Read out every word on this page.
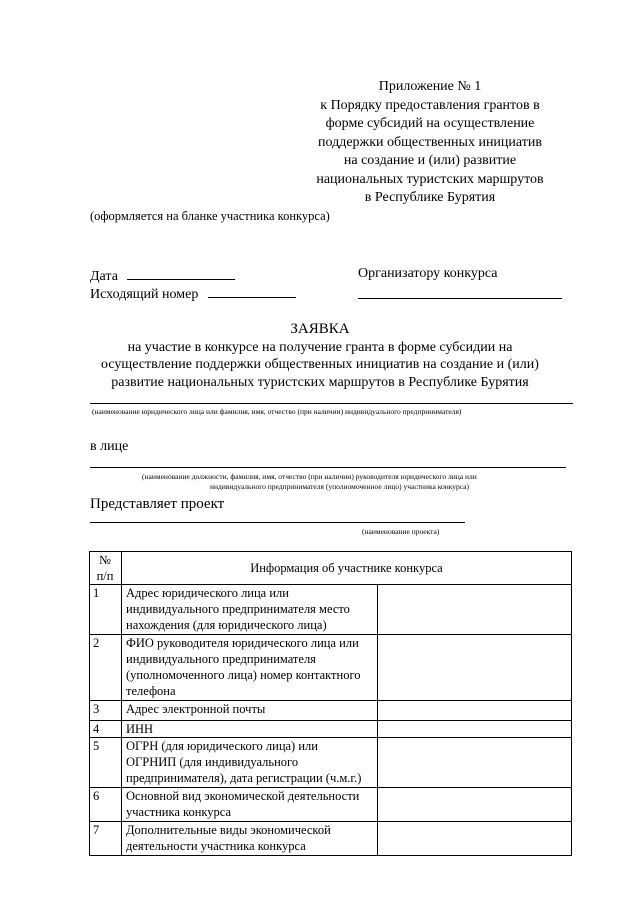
Приложение № 1
к Порядку предоставления грантов в
форме субсидий на осуществление
поддержки общественных инициатив
на создание и (или) развитие
национальных туристских маршрутов
в Республике Бурятия
(оформляется на бланке участника конкурса)
Дата
Исходящий номер
Организатору конкурса
ЗАЯВКА
на участие в конкурсе на получение гранта в форме субсидии на
осуществление поддержки общественных инициатив на создание и (или)
развитие национальных туристских маршрутов в Республике Бурятия
(наименование юридического лица или фамилия, имя, отчество (при наличии) индивидуального предпринимателя)
в лице
(наименование должности, фамилия, имя, отчество (при наличии) руководителя юридического лица или
индивидуального предпринимателя (уполномоченное лицо) участника конкурса)
Представляет проект
(наименование проекта)
№
п/п	Информация об участнике конкурса	
1	Адрес юридического лица или
индивидуального предпринимателя место
нахождения (для юридического лица)	

2	ФИО руководителя юридического лица или
индивидуального предпринимателя
(уполномоченного лица) номер контактного
телефона	

3	Адрес электронной почты	

4	ИНН	

5	ОГРН (для юридического лица) или
ОГРНИП (для индивидуального
предпринимателя), дата регистрации (ч.м.г.)	

6	Основной вид экономической деятельности
участника конкурса	

7	Дополнительные виды экономической
деятельности участника конкурса	
